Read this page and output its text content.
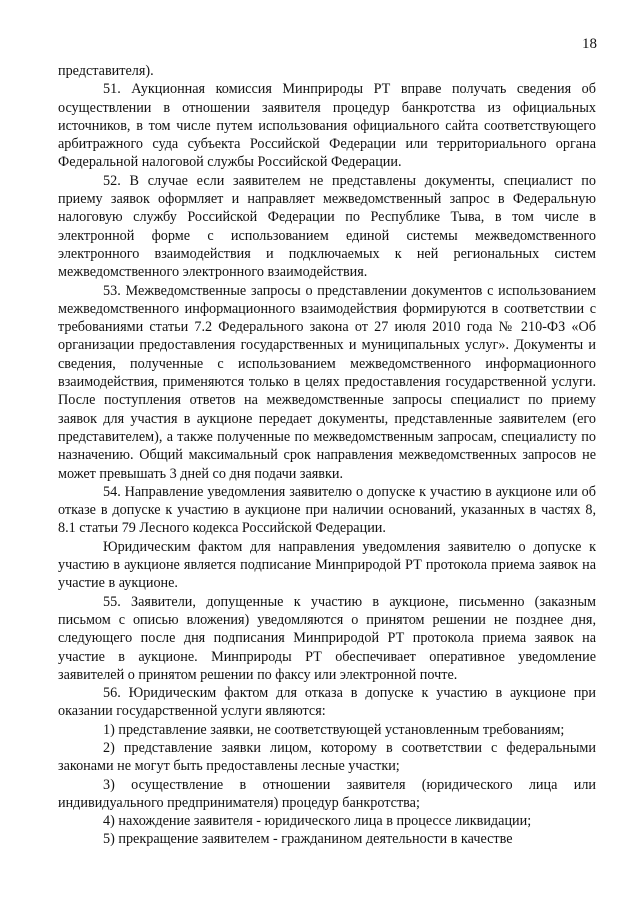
18

представителя).

51. Аукционная комиссия Минприроды РТ вправе получать сведения об осуществлении в отношении заявителя процедур банкротства из официальных источников, в том числе путем использования официального сайта соответствующего арбитражного суда субъекта Российской Федерации или территориального органа Федеральной налоговой службы Российской Федерации.

52. В случае если заявителем не представлены документы, специалист по приему заявок оформляет и направляет межведомственный запрос в Федеральную налоговую службу Российской Федерации по Республике Тыва, в том числе в электронной форме с использованием единой системы межведомственного электронного взаимодействия и подключаемых к ней региональных систем межведомственного электронного взаимодействия.

53. Межведомственные запросы о представлении документов с использованием межведомственного информационного взаимодействия формируются в соответствии с требованиями статьи 7.2 Федерального закона от 27 июля 2010 года № 210-ФЗ «Об организации предоставления государственных и муниципальных услуг». Документы и сведения, полученные с использованием межведомственного информационного взаимодействия, применяются только в целях предоставления государственной услуги. После поступления ответов на межведомственные запросы специалист по приему заявок для участия в аукционе передает документы, представленные заявителем (его представителем), а также полученные по межведомственным запросам, специалисту по назначению. Общий максимальный срок направления межведомственных запросов не может превышать 3 дней со дня подачи заявки.

54. Направление уведомления заявителю о допуске к участию в аукционе или об отказе в допуске к участию в аукционе при наличии оснований, указанных в частях 8, 8.1 статьи 79 Лесного кодекса Российской Федерации.

Юридическим фактом для направления уведомления заявителю о допуске к участию в аукционе является подписание Минприродой РТ протокола приема заявок на участие в аукционе.

55. Заявители, допущенные к участию в аукционе, письменно (заказным письмом с описью вложения) уведомляются о принятом решении не позднее дня, следующего после дня подписания Минприродой РТ протокола приема заявок на участие в аукционе. Минприроды РТ обеспечивает оперативное уведомление заявителей о принятом решении по факсу или электронной почте.

56. Юридическим фактом для отказа в допуске к участию в аукционе при оказании государственной услуги являются:

1) представление заявки, не соответствующей установленным требованиям;

2) представление заявки лицом, которому в соответствии с федеральными законами не могут быть предоставлены лесные участки;

3) осуществление в отношении заявителя (юридического лица или индивидуального предпринимателя) процедур банкротства;

4) нахождение заявителя - юридического лица в процессе ликвидации;

5) прекращение заявителем - гражданином деятельности в качестве
